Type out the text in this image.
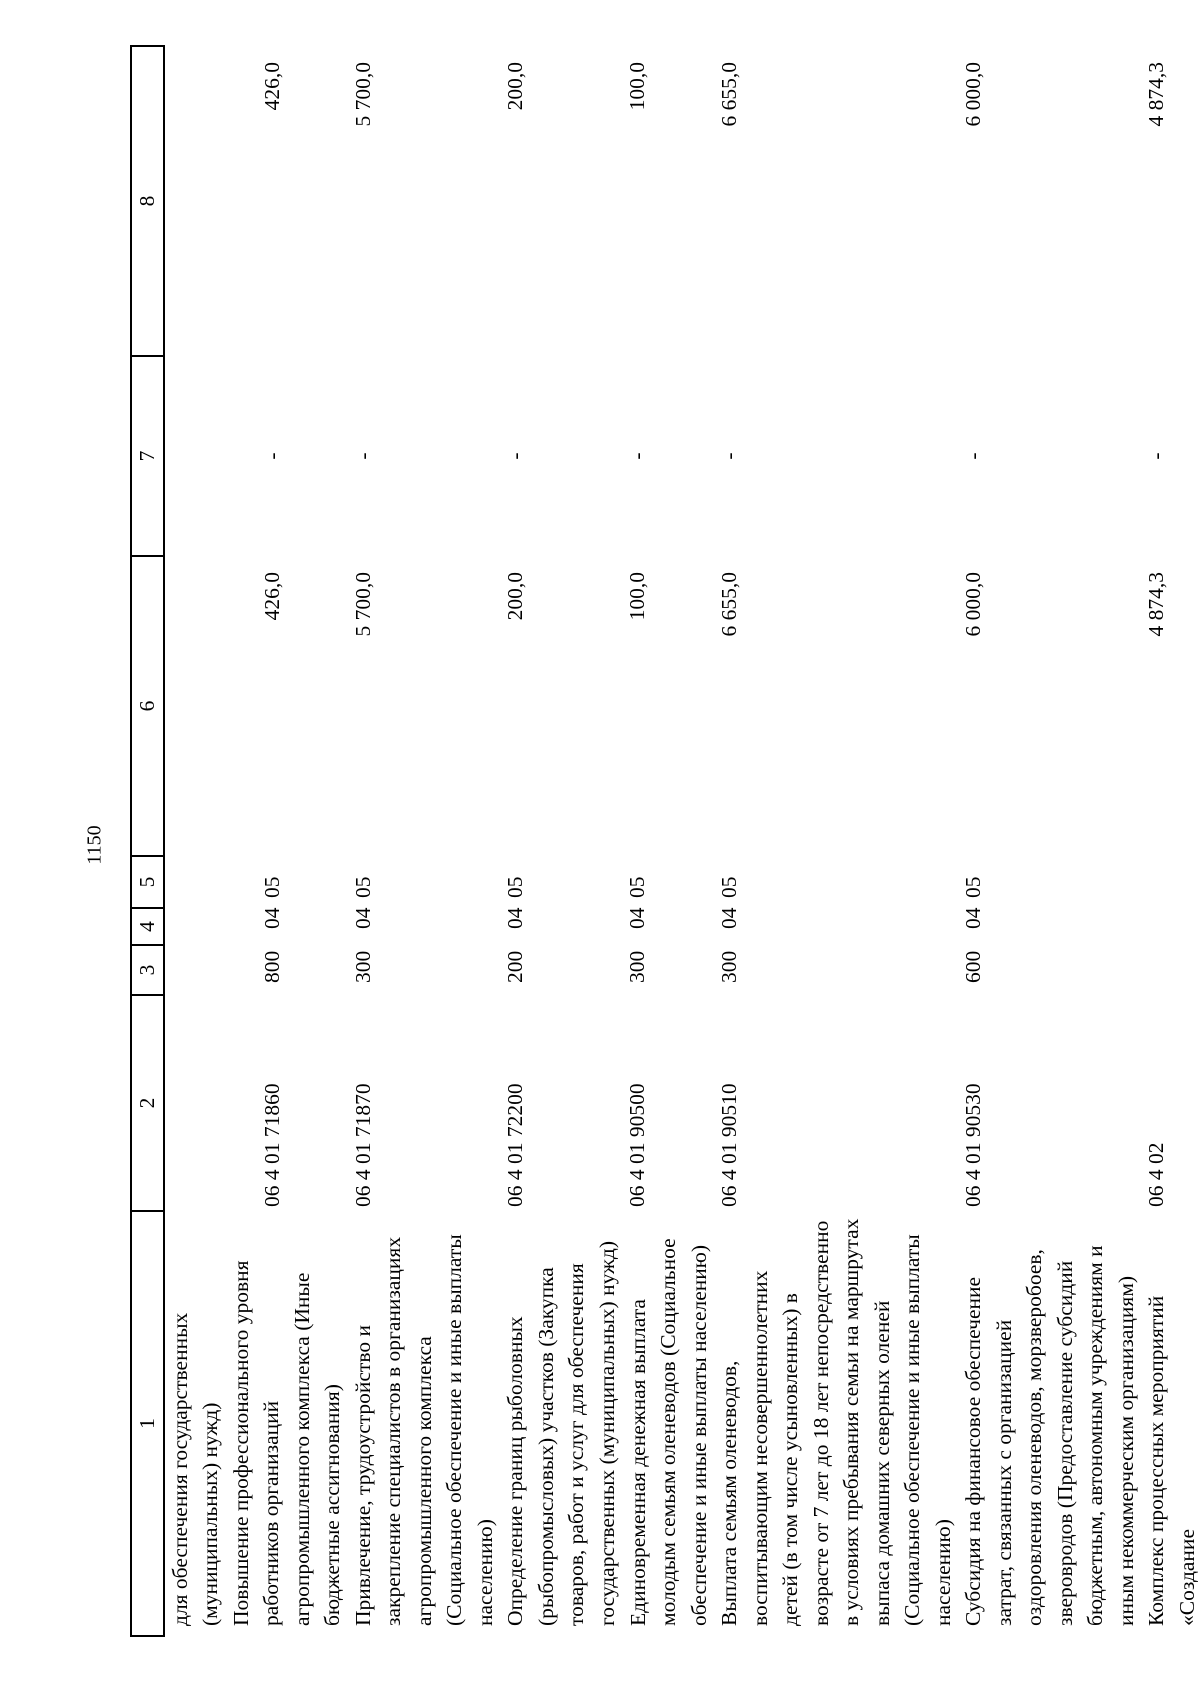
1150
1	2	3	4	5	6	7	8
для обеспечения государственных (муниципальных) нужд)							
Повышение профессионального уровня работников организаций агропромышленного комплекса (Иные бюджетные ассигнования)	06 4 01 71860	800	04	05	426,0	-	426,0
Привлечение, трудоустройство и закрепление специалистов в организациях агропромышленного комплекса (Социальное обеспечение и иные выплаты населению)	06 4 01 71870	300	04	05	5 700,0	-	5 700,0
Определение границ рыболовных (рыбопромысловых) участков (Закупка товаров, работ и услуг для обеспечения государственных (муниципальных) нужд)	06 4 01 72200	200	04	05	200,0	-	200,0
Единовременная денежная выплата молодым семьям оленеводов (Социальное обеспечение и иные выплаты населению)	06 4 01 90500	300	04	05	100,0	-	100,0
Выплата семьям оленеводов, воспитывающим несовершеннолетних детей (в том числе усыновленных) в возрасте от 7 лет до 18 лет непосредственно в условиях пребывания семьи на маршрутах выпаса домашних северных оленей (Социальное обеспечение и иные выплаты населению)	06 4 01 90510	300	04	05	6 655,0	-	6 655,0
Субсидия на финансовое обеспечение затрат, связанных с организацией оздоровления оленеводов, морзверобоев, зверовродов (Предоставление субсидий бюджетным, автономным учреждениям и иным некоммерческим организациям)	06 4 01 90530	600	04	05	6 000,0	-	6 000,0
Комплекс процессных мероприятий «Создание	06 4 02				4 874,3	-	4 874,3
